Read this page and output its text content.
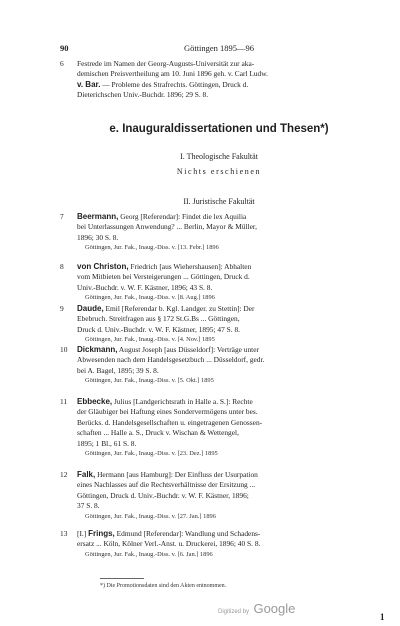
90	Göttingen 1895—96
6	Festrede im Namen der Georg-Augusts-Universität zur aka-
demischen Preisvertheilung am 10. Juni 1896 geh. v. Carl Ludw.
v. Bar. — Probleme des Strafrechts. Göttingen, Druck d.
Dieterichschen Univ.-Buchdr. 1896; 29 S. 8.
e. Inauguraldissertationen und Thesen*)
I. Theologische Fakultät
Nichts erschienen
II. Juristische Fakultät
7	Beermann, Georg [Referendar]: Findet die lex Aquilia
bei Unterlassungen Anwendung? ... Berlin, Mayor & Müller,
1896; 30 S. 8.
Göttingen, Jur. Fak., Inaug.-Diss. v. [13. Febr.] 1896
8	von Christon, Friedrich [aus Wiehershausen]: Abhalten
vom Mitbieten bei Versteigerungen ... Göttingen, Druck d.
Univ.-Buchdr. v. W. F. Kästner, 1896; 43 S. 8.
Göttingen, Jur. Fak., Inaug.-Diss. v. [8. Aug.] 1896
9	Daude, Emil [Referendar b. Kgl. Landger. zu Stettin]: Der
Ebebruch. Streitfragen aus § 172 St.G.Bs ... Göttingen,
Druck d. Univ.-Buchdr. v. W. F. Kästner, 1895; 47 S. 8.
Göttingen, Jur. Fak., Inaug.-Diss. v. [4. Nov.] 1895
10	Dickmann, August Joseph [aus Düsseldorf]: Verträge unter
Abwesenden nach dem Handelsgesetzbuch ... Düsseldorf, gedr.
bei A. Bagel, 1895; 39 S. 8.
Göttingen, Jur. Fak., Inaug.-Diss. v. [5. Okt.] 1895
11	Ebbecke, Julius [Landgerichtsrath in Halle a. S.]: Rechte
der Gläubiger bei Haftung eines Sondervermögens unter bes.
Berücks. d. Handelsgesellschaften u. eingetragenen Genossen-
schaften ... Halle a. S., Druck v. Wischan & Wettengel,
1895; 1 Bl., 61 S. 8.
Göttingen, Jur. Fak., Inaug.-Diss. v. [23. Dez.] 1895
12	Falk, Hermann [aus Hamburg]: Der Einfluss der Usurpation
eines Nachlasses auf die Rechtsverhältnisse der Ersitzung ...
Göttingen, Druck d. Univ.-Buchdr. v. W. F. Kästner, 1896;
37 S. 8.
Göttingen, Jur. Fak., Inaug.-Diss. v. [27. Jan.] 1896
13	[I.] Frings, Edmund [Referendar]: Wandlung und Schadens-
ersatz ... Köln, Kölner Verl.-Anst. u. Druckerei, 1896; 40 S. 8.
Göttingen, Jur. Fak., Inaug.-Diss. v. [6. Jan.] 1896
*) Die Promotionsdaten sind den Akten entnommen.
Digitized by Google
1
